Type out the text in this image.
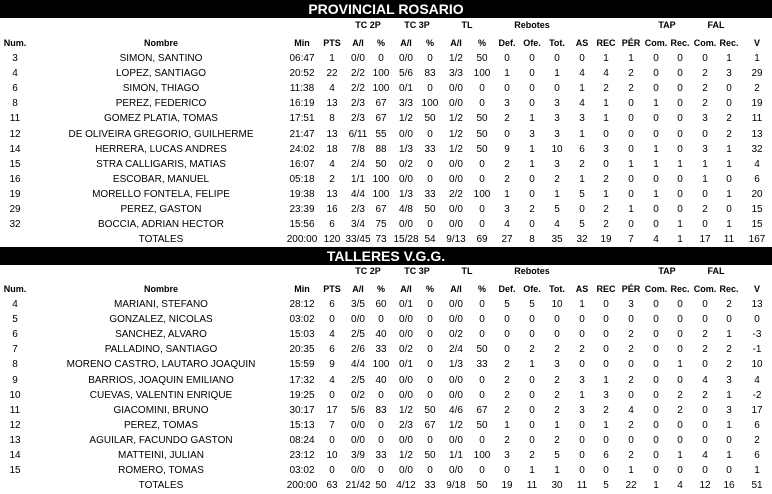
PROVINCIAL ROSARIO
TALLERES V.G.G.
TC 2P	TC 3P	TL	Rebotes	TAP	FAL
Num.	Nombre	Min	PTS	A/I	%	A/I	%	A/I	%	Def. Ofe. Tot.	AS REC PÉR Com. Rec. Com. Rec.	V
3	SIMON, SANTINO	06:47	1	0/0	0	0/0	0	1/2	50	0	0	0	0	1	1	0	0	0	1	1
4	LOPEZ, SANTIAGO	20:52	22	2/2 100 5/6	83	3/3	100	1	0	1	4	4	2	0	0	2	3	29
6	SIMON, THIAGO	11:38	4	2/2 100 0/1	0	0/0	0	0	0	0	1	2	2	0	0	2	0	2
8	PEREZ, FEDERICO	16:19	13	2/3	67	3/3 100	0/0	0	3	0	3	4	1	0	1	0	2	0	19
11	GOMEZ PLATIA, TOMAS	17:51	8	2/3	67	1/2	50	1/2	50	2	1	3	3	1	0	0	0	3	2	11
12	DE OLIVEIRA GREGORIO, GUILHERME	21:47	13	6/11 55	0/0	0	1/2	50	0	3	3	1	0	0	0	0	0	2	13
14	HERRERA, LUCAS ANDRES	24:02	18	7/8	88	1/3	33	1/2	50	9	1	10	6	3	0	1	0	3	1	32
15	STRA CALLIGARIS, MATIAS	16:07	4	2/4	50	0/2	0	0/0	0	2	1	3	2	0	1	1	1	1	1	4
16	ESCOBAR, MANUEL	05:18	2	1/1 100 0/0	0	0/0	0	2	0	2	1	2	0	0	0	1	0	6
19	MORELLO FONTELA, FELIPE	19:38	13	4/4 100 1/3	33	2/2	100	1	0	1	5	1	0	1	0	0	1	20
29	PEREZ, GASTON	23:39	16	2/3	67	4/8	50	0/0	0	3	2	5	0	2	1	0	0	2	0	15
32	BOCCIA, ADRIAN HECTOR	15:56	6	3/4	75	0/0	0	0/0	0	4	0	4	5	2	0	0	1	0	1	15
TOTALES	200:00 120 33/45 73 15/28 54	9/13	69	27	8	35	32	19	7	4	1	17	11	167
TC 2P	TC 3P	TL	Rebotes	TAP	FAL
Num.	Nombre	Min	PTS	A/I	%	A/I	%	A/I	%	Def. Ofe. Tot.	AS REC PÉR Com. Rec. Com. Rec.	V
4	MARIANI, STEFANO	28:12	6	3/5	60	0/1	0	0/0	0	5	5	10	1	0	3	0	0	0	2	13
5	GONZALEZ, NICOLAS	03:02	0	0/0	0	0/0	0	0/0	0	0	0	0	0	0	0	0	0	0	0	0
6	SANCHEZ, ALVARO	15:03	4	2/5	40	0/0	0	0/2	0	0	0	0	0	0	2	0	0	2	1	-3
7	PALLADINO, SANTIAGO	20:35	6	2/6	33	0/2	0	2/4	50	0	2	2	2	0	2	0	0	2	2	-1
8	MORENO CASTRO, LAUTARO JOAQUIN	15:59	9	4/4 100 0/1	0	1/3	33	2	1	3	0	0	0	0	1	0	2	10
9	BARRIOS, JOAQUIN EMILIANO	17:32	4	2/5	40	0/0	0	0/0	0	2	0	2	3	1	2	0	0	4	3	4
10	CUEVAS, VALENTIN ENRIQUE	19:25	0	0/2	0	0/0	0	0/0	0	2	0	2	1	3	0	0	2	2	1	-2
11	GIACOMINI, BRUNO	30:17	17	5/6	83	1/2	50	4/6	67	2	0	2	3	2	4	0	2	0	3	17
12	PEREZ, TOMAS	15:13	7	0/0	0	2/3	67	1/2	50	1	0	1	0	1	2	0	0	0	1	6
13	AGUILAR, FACUNDO GASTON	08:24	0	0/0	0	0/0	0	0/0	0	2	0	2	0	0	0	0	0	0	0	2
14	MATTEINI, JULIAN	23:12	10	3/9	33	1/2	50	1/1	100	3	2	5	0	6	2	0	1	4	1	6
15	ROMERO, TOMAS	03:02	0	0/0	0	0/0	0	0/0	0	0	1	1	0	0	1	0	0	0	0	1
TOTALES	200:00 63 21/42 50 4/12 33	9/18	50	19	11	30	11	5	22	1	4	12	16	51
